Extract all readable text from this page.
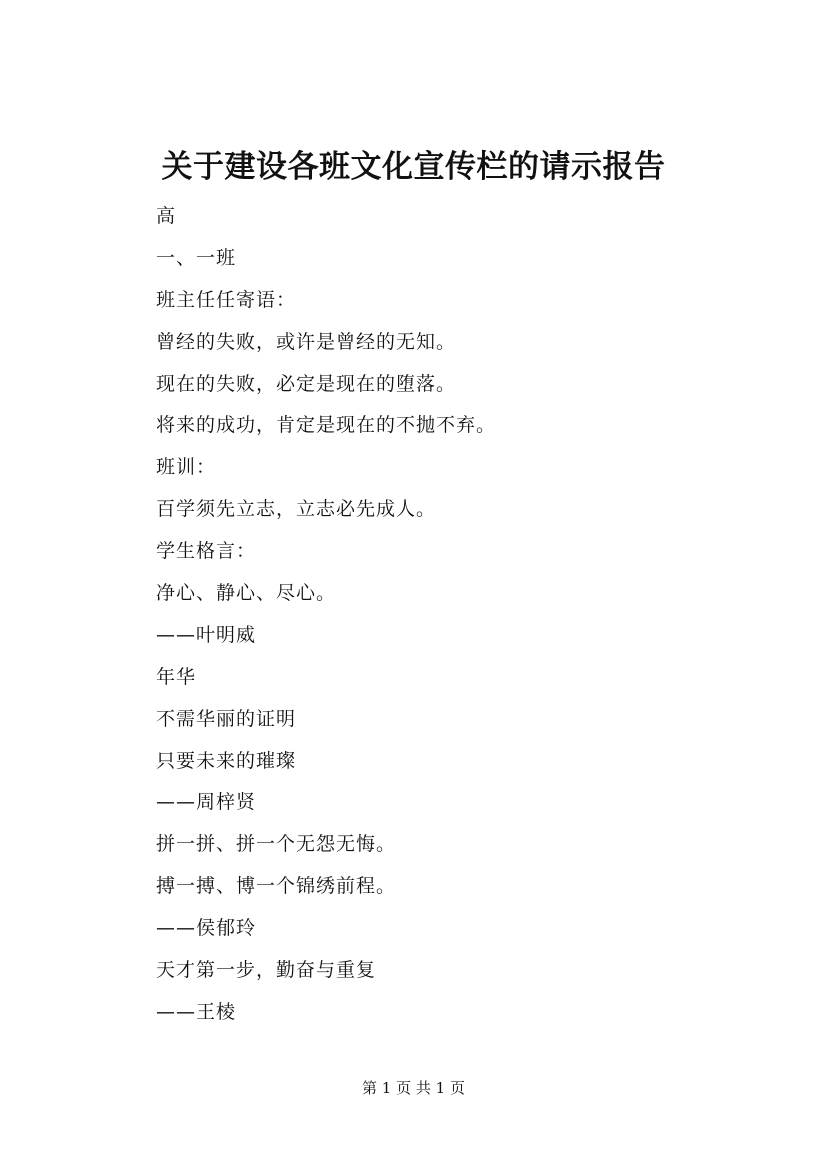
关于建设各班文化宣传栏的请示报告
高
一、一班
班主任任寄语：
曾经的失败，或许是曾经的无知。
现在的失败，必定是现在的堕落。
将来的成功，肯定是现在的不抛不弃。
班训：
百学须先立志，立志必先成人。
学生格言：
净心、静心、尽心。
——叶明威
年华
不需华丽的证明
只要未来的璀璨
——周梓贤
拼一拼、拼一个无怨无悔。
搏一搏、博一个锦绣前程。
——侯郁玲
天才第一步，勤奋与重复
——王棱
第 1 页 共 1 页
